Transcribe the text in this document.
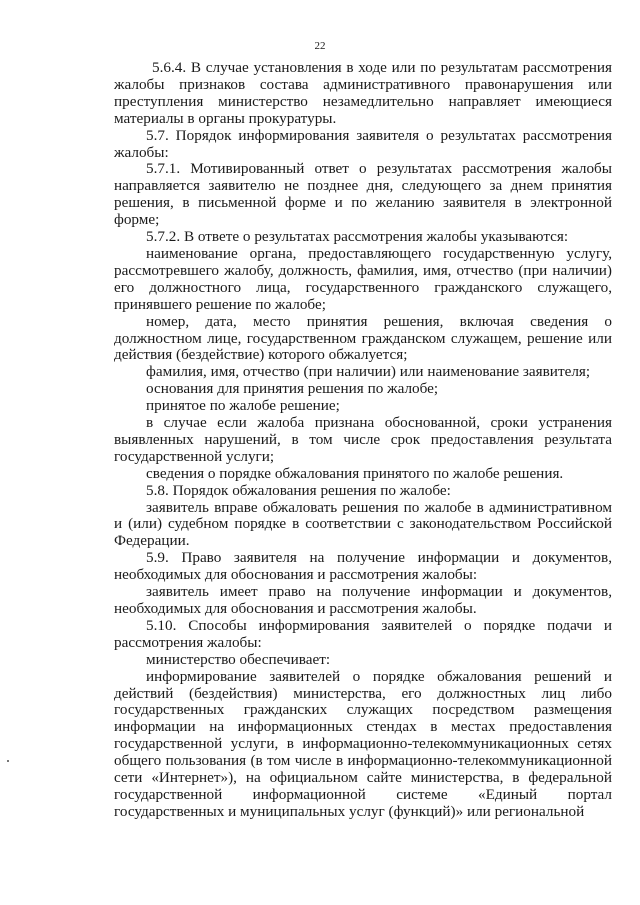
22

5.6.4. В случае установления в ходе или по результатам рассмотрения жалобы признаков состава административного правонарушения или преступления министерство незамедлительно направляет имеющиеся материалы в органы прокуратуры.

5.7. Порядок информирования заявителя о результатах рассмотрения жалобы:

5.7.1. Мотивированный ответ о результатах рассмотрения жалобы направляется заявителю не позднее дня, следующего за днем принятия решения, в письменной форме и по желанию заявителя в электронной форме;

5.7.2. В ответе о результатах рассмотрения жалобы указываются:

наименование органа, предоставляющего государственную услугу, рассмотревшего жалобу, должность, фамилия, имя, отчество (при наличии) его должностного лица, государственного гражданского служащего, принявшего решение по жалобе;

номер, дата, место принятия решения, включая сведения о должностном лице, государственном гражданском служащем, решение или действия (бездействие) которого обжалуется;

фамилия, имя, отчество (при наличии) или наименование заявителя;

основания для принятия решения по жалобе;

принятое по жалобе решение;

в случае если жалоба признана обоснованной, сроки устранения выявленных нарушений, в том числе срок предоставления результата государственной услуги;

сведения о порядке обжалования принятого по жалобе решения.

5.8. Порядок обжалования решения по жалобе:

заявитель вправе обжаловать решения по жалобе в административном и (или) судебном порядке в соответствии с законодательством Российской Федерации.

5.9. Право заявителя на получение информации и документов, необходимых для обоснования и рассмотрения жалобы:

заявитель имеет право на получение информации и документов, необходимых для обоснования и рассмотрения жалобы.

5.10. Способы информирования заявителей о порядке подачи и рассмотрения жалобы:

министерство обеспечивает:

информирование заявителей о порядке обжалования решений и действий (бездействия) министерства, его должностных лиц либо государственных гражданских служащих посредством размещения информации на информационных стендах в местах предоставления государственной услуги, в информационно-телекоммуникационных сетях общего пользования (в том числе в информационно-телекоммуникационной сети «Интернет»), на официальном сайте министерства, в федеральной государственной информационной системе «Единый портал государственных и муниципальных услуг (функций)» или региональной
